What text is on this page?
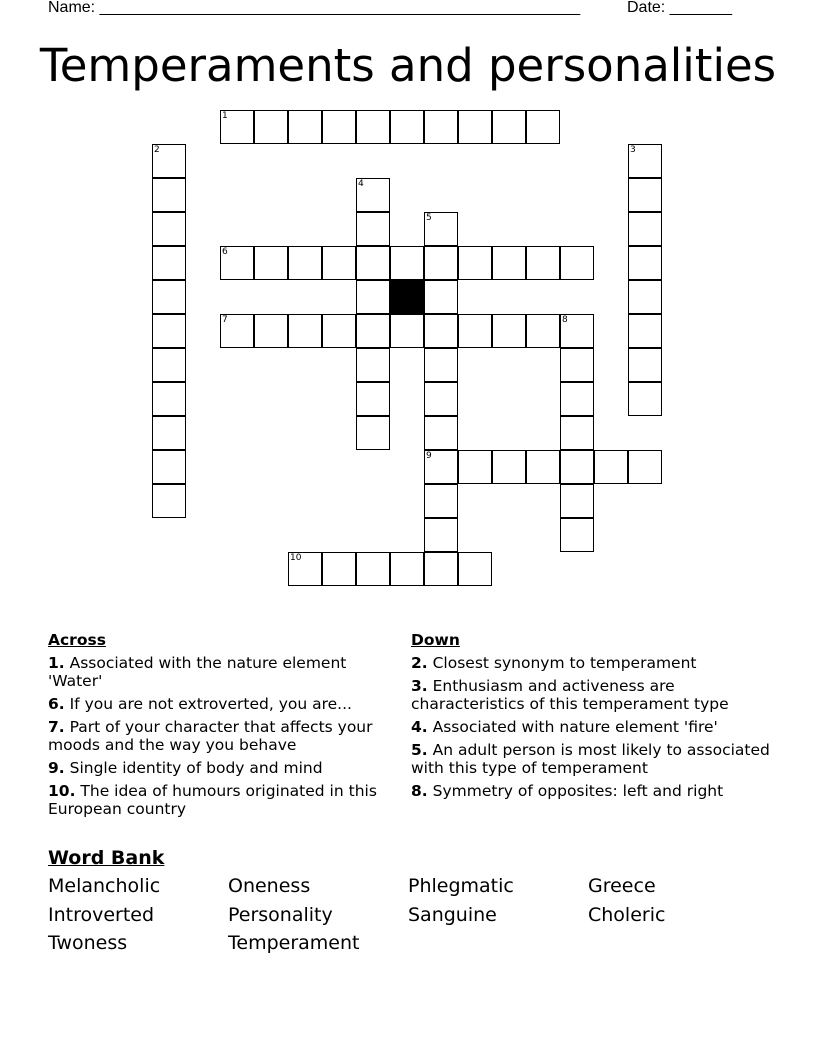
Name: ______________________________________________________	Date: _______
Temperaments and personalities
1
2	3
4
5
9
6
7	8
10
Across
1. Associated with the nature element 'Water'
6. If you are not extroverted, you are...
7. Part of your character that affects your moods and the way you behave
9. Single identity of body and mind
10. The idea of humours originated in this European country
Down
2. Closest synonym to temperament
3. Enthusiasm and activeness are characteristics of this temperament type
4. Associated with nature element 'fire'
5. An adult person is most likely to associated with this type of temperament
8. Symmetry of opposites: left and right
Word Bank
Melancholic	Oneness	Phlegmatic	Greece
Introverted	Personality	Sanguine	Choleric
Twoness	Temperament
